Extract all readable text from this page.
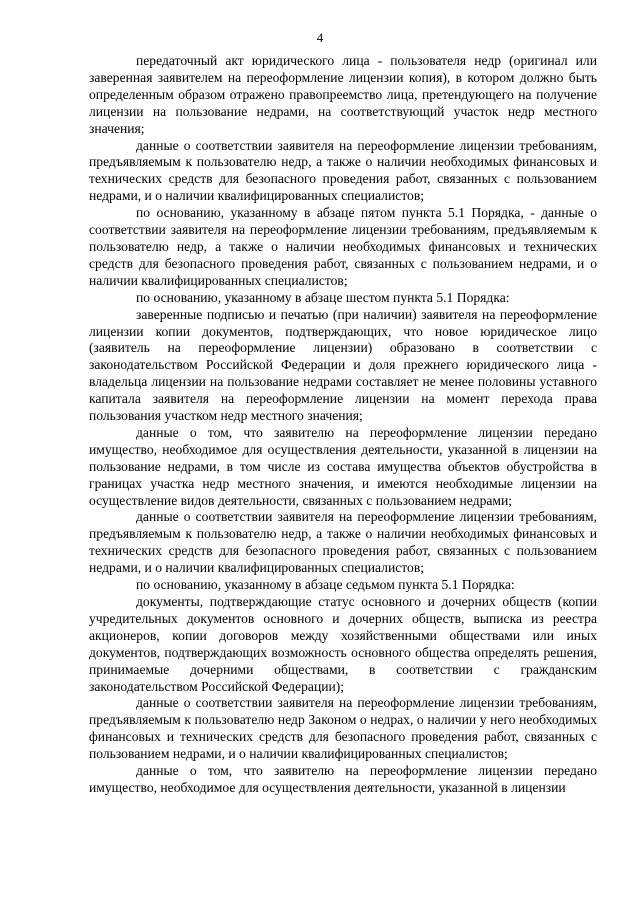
4

передаточный акт юридического лица - пользователя недр (оригинал или заверенная заявителем на переоформление лицензии копия), в котором должно быть определенным образом отражено правопреемство лица, претендующего на получение лицензии на пользование недрами, на соответствующий участок недр местного значения;

данные о соответствии заявителя на переоформление лицензии требованиям, предъявляемым к пользователю недр, а также о наличии необходимых финансовых и технических средств для безопасного проведения работ, связанных с пользованием недрами, и о наличии квалифицированных специалистов;

по основанию, указанному в абзаце пятом пункта 5.1 Порядка, - данные о соответствии заявителя на переоформление лицензии требованиям, предъявляемым к пользователю недр, а также о наличии необходимых финансовых и технических средств для безопасного проведения работ, связанных с пользованием недрами, и о наличии квалифицированных специалистов;

по основанию, указанному в абзаце шестом пункта 5.1 Порядка:

заверенные подписью и печатью (при наличии) заявителя на переоформление лицензии копии документов, подтверждающих, что новое юридическое лицо (заявитель на переоформление лицензии) образовано в соответствии с законодательством Российской Федерации и доля прежнего юридического лица - владельца лицензии на пользование недрами составляет не менее половины уставного капитала заявителя на переоформление лицензии на момент перехода права пользования участком недр местного значения;

данные о том, что заявителю на переоформление лицензии передано имущество, необходимое для осуществления деятельности, указанной в лицензии на пользование недрами, в том числе из состава имущества объектов обустройства в границах участка недр местного значения, и имеются необходимые лицензии на осуществление видов деятельности, связанных с пользованием недрами;

данные о соответствии заявителя на переоформление лицензии требованиям, предъявляемым к пользователю недр, а также о наличии необходимых финансовых и технических средств для безопасного проведения работ, связанных с пользованием недрами, и о наличии квалифицированных специалистов;

по основанию, указанному в абзаце седьмом пункта 5.1 Порядка:

документы, подтверждающие статус основного и дочерних обществ (копии учредительных документов основного и дочерних обществ, выписка из реестра акционеров, копии договоров между хозяйственными обществами или иных документов, подтверждающих возможность основного общества определять решения, принимаемые дочерними обществами, в соответствии с гражданским законодательством Российской Федерации);

данные о соответствии заявителя на переоформление лицензии требованиям, предъявляемым к пользователю недр Законом о недрах, о наличии у него необходимых финансовых и технических средств для безопасного проведения работ, связанных с пользованием недрами, и о наличии квалифицированных специалистов;

данные о том, что заявителю на переоформление лицензии передано имущество, необходимое для осуществления деятельности, указанной в лицензии
